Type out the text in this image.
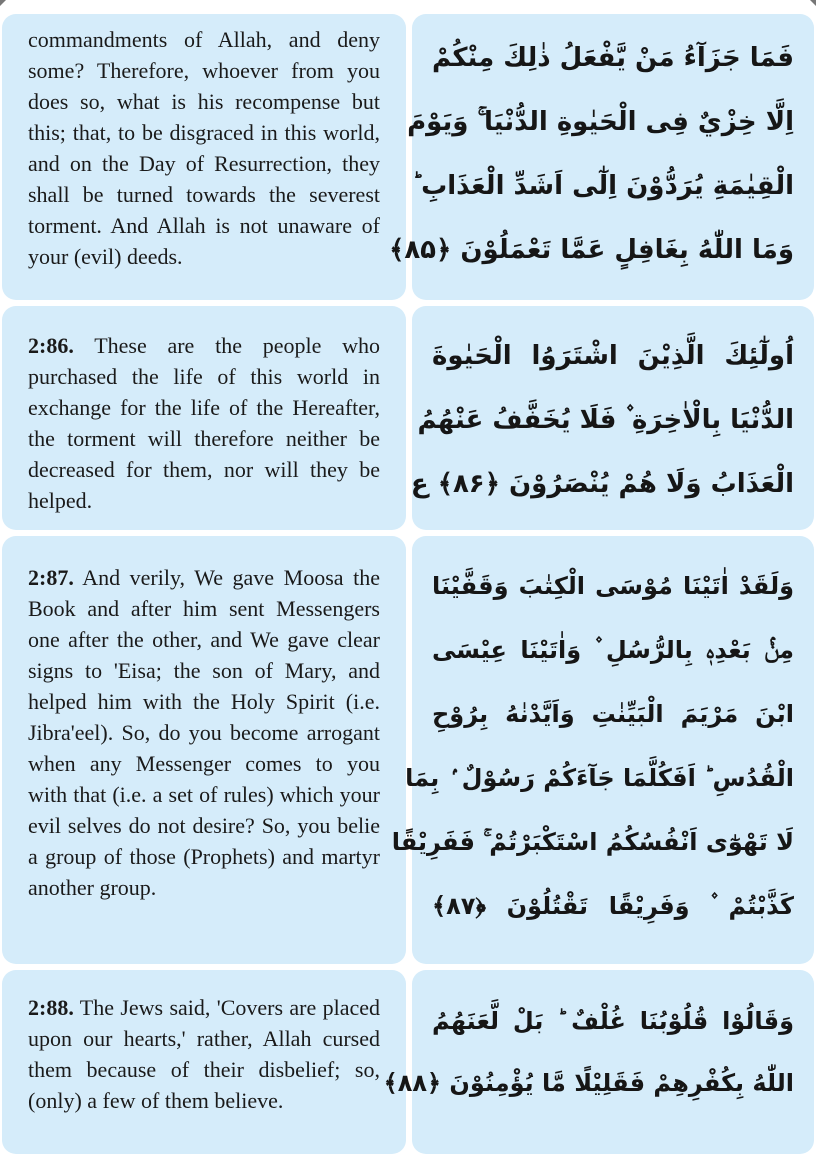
commandments of Allah, and deny some? Therefore, whoever from you does so, what is his recompense but this; that, to be disgraced in this world, and on the Day of Resurrection, they shall be turned towards the severest torment. And Allah is not unaware of your (evil) deeds.

فَمَا جَزَآءُ مَنْ يَّفْعَلُ ذٰلِكَ مِنْكُمْ
اِلَّا خِزْيٌ فِى الْحَيٰوةِ الدُّنْيَا ۚ وَيَوْمَ
الْقِيٰمَةِ يُرَدُّوْنَ اِلٰٓى اَشَدِّ الْعَذَابِ ؕ
وَمَا اللّٰهُ بِغَافِلٍ عَمَّا تَعْمَلُوْنَ ﴿۸۵﴾

2:86. These are the people who purchased the life of this world in exchange for the life of the Hereafter, the torment will therefore neither be decreased for them, nor will they be helped.

اُولٰٓئِكَ الَّذِيْنَ اشْتَرَوُا الْحَيٰوةَ
الدُّنْيَا بِالْاٰخِرَةِ ۫ فَلَا يُخَفَّفُ عَنْهُمُ
الْعَذَابُ وَلَا هُمْ يُنْصَرُوْنَ ﴿۸۶﴾ ع

2:87. And verily, We gave Moosa the Book and after him sent Messengers one after the other, and We gave clear signs to 'Eisa; the son of Mary, and helped him with the Holy Spirit (i.e. Jibra'eel). So, do you become arrogant when any Messenger comes to you with that (i.e. a set of rules) which your evil selves do not desire? So, you belie a group of those (Prophets) and martyr another group.

وَلَقَدْ اٰتَيْنَا مُوْسَى الْكِتٰبَ وَقَفَّيْنَا
مِنْۢ بَعْدِهٖ بِالرُّسُلِ ۫ وَاٰتَيْنَا عِيْسَى
ابْنَ مَرْيَمَ الْبَيِّنٰتِ وَاَيَّدْنٰهُ بِرُوْحِ
الْقُدُسِ ؕ اَفَكُلَّمَا جَآءَكُمْ رَسُوْلٌ ۢ بِمَا
لَا تَهْوٰٓى اَنْفُسُكُمُ اسْتَكْبَرْتُمْ ۚ فَفَرِيْقًا
كَذَّبْتُمْ ۫ وَفَرِيْقًا تَقْتُلُوْنَ ﴿۸۷﴾

2:88. The Jews said, 'Covers are placed upon our hearts,' rather, Allah cursed them because of their disbelief; so, (only) a few of them believe.

وَقَالُوْا قُلُوْبُنَا غُلْفٌ ؕ بَلْ لَّعَنَهُمُ
اللّٰهُ بِكُفْرِهِمْ فَقَلِيْلًا مَّا يُؤْمِنُوْنَ ﴿۸۸﴾
